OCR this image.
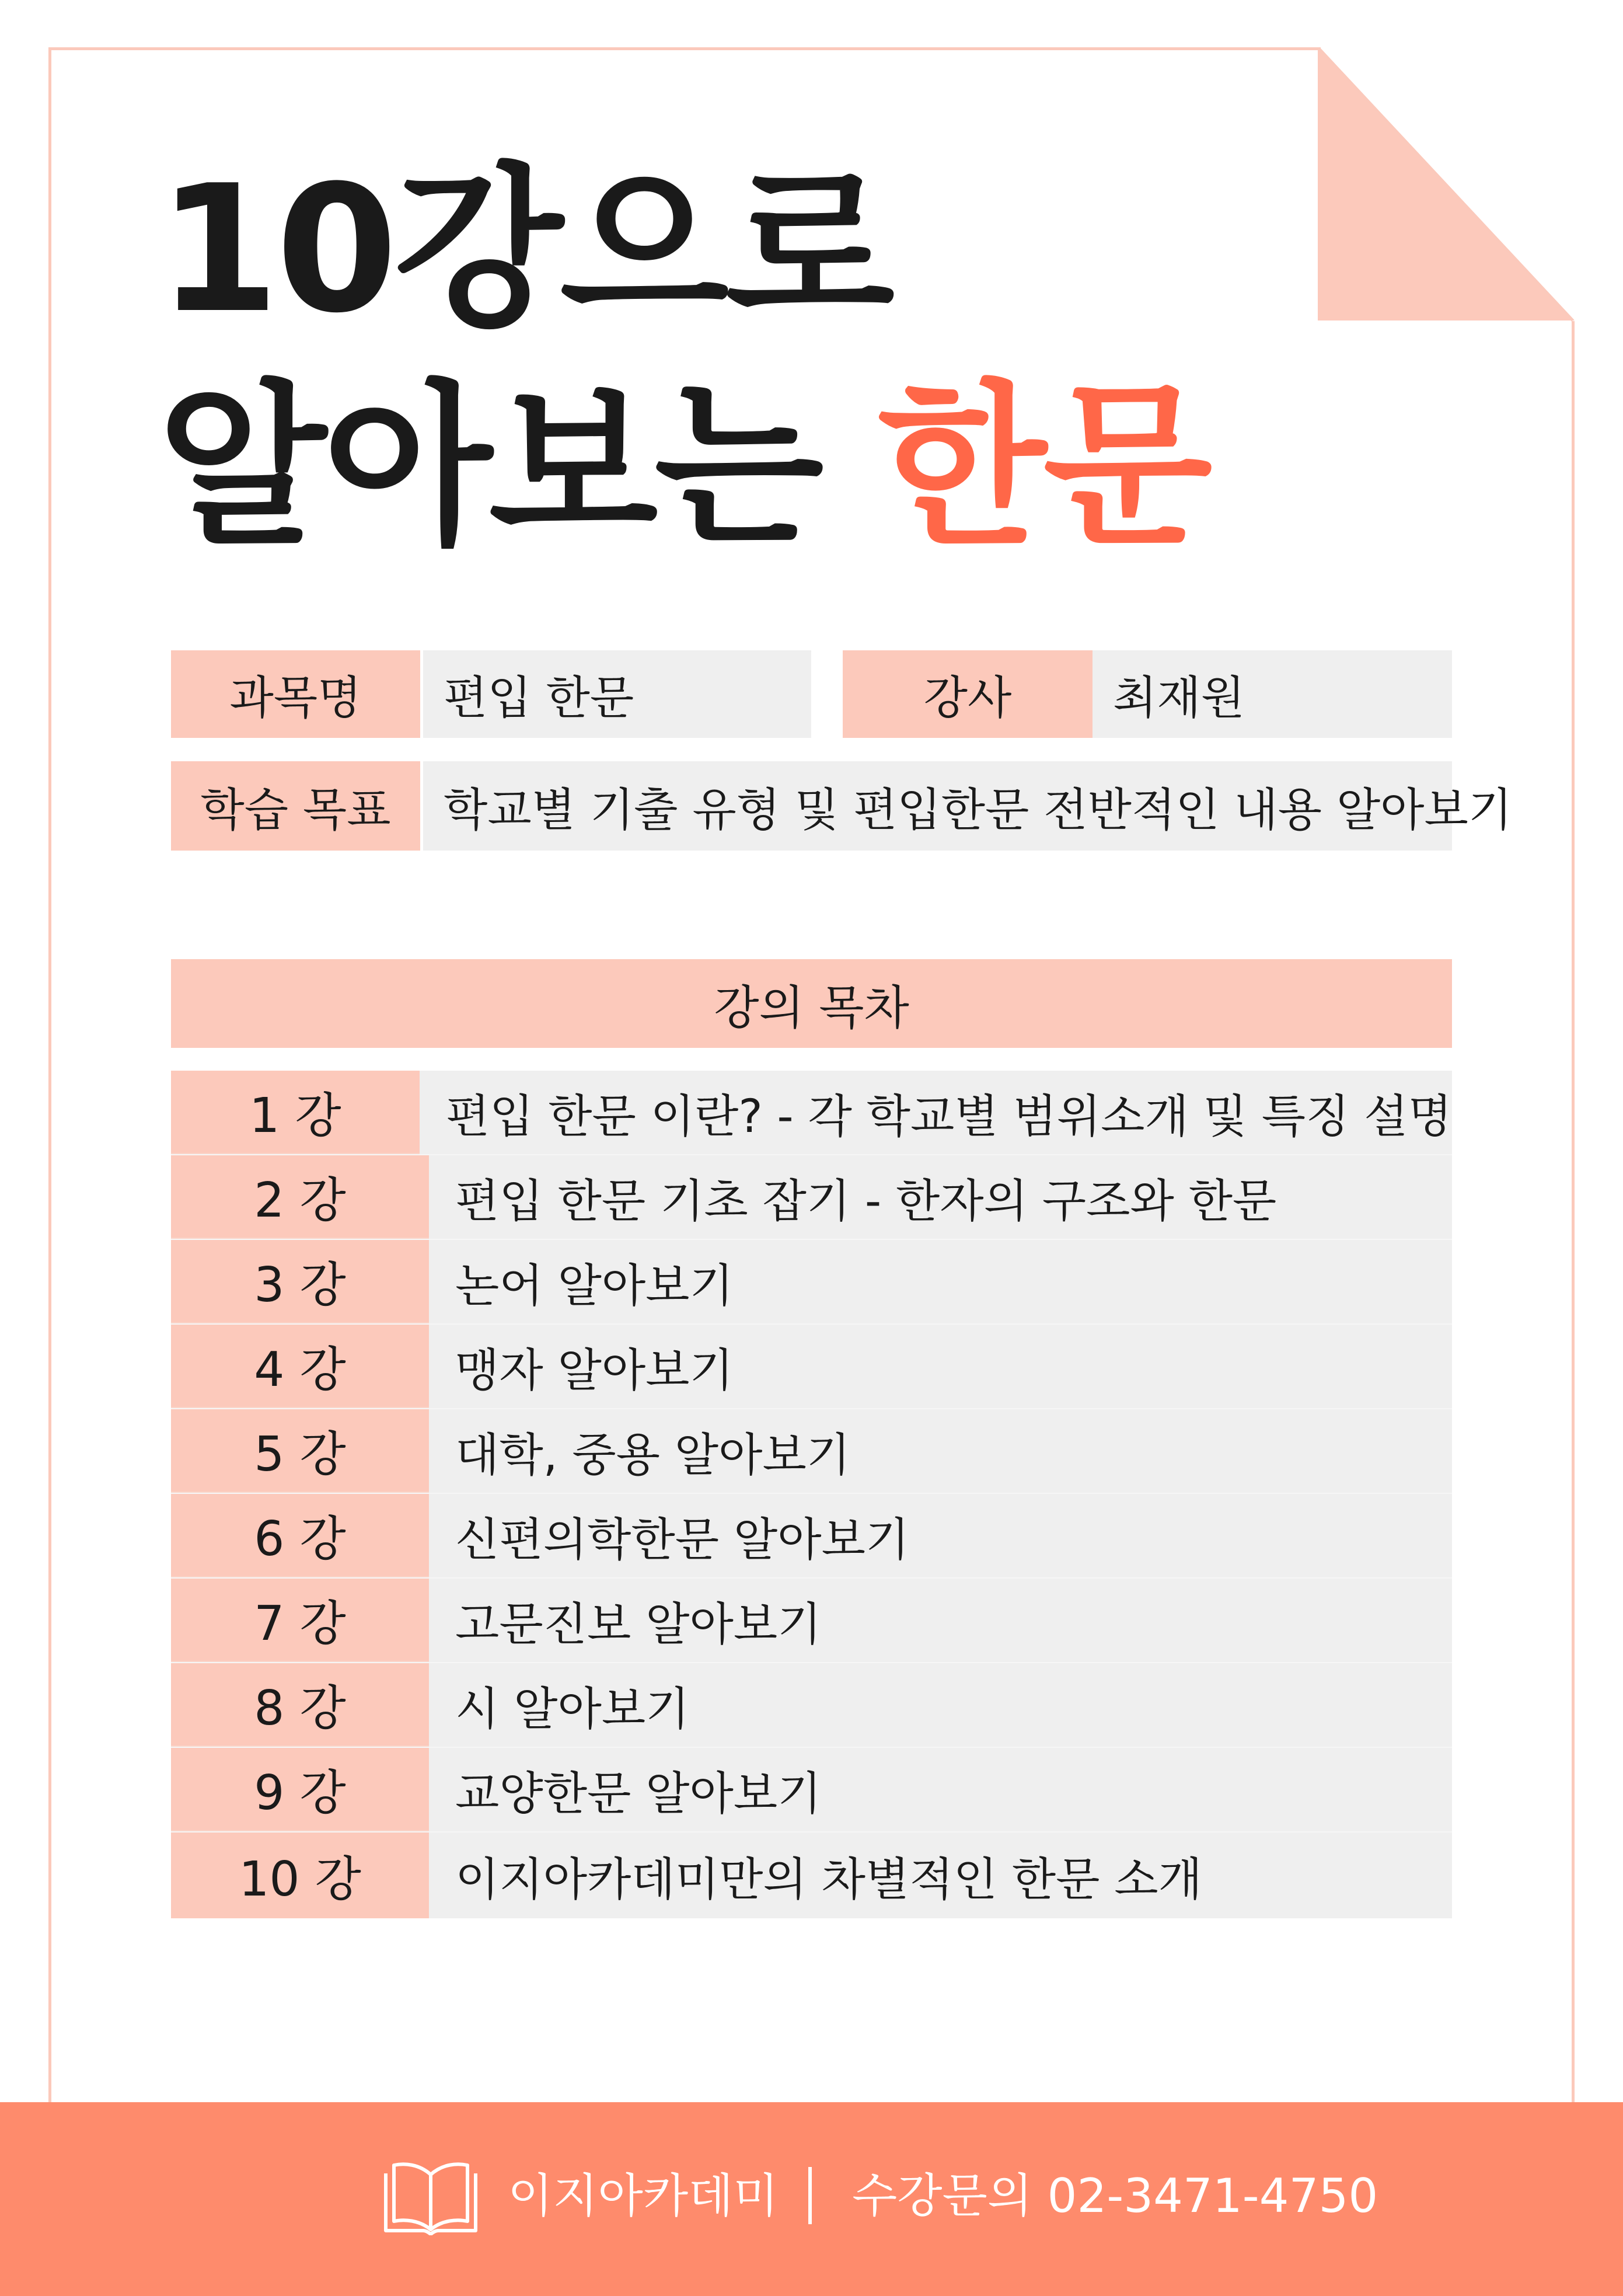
10강으로
알아보는 한문
과목명	편입 한문	강사	최재원
학습 목표	학교별 기출 유형 및 편입한문 전반적인 내용 알아보기
강의 목차
1 강	편입 한문 이란? - 각 학교별 범위소개 및 특징 설명
2 강	편입 한문 기초 잡기 - 한자의 구조와 한문
3 강	논어 알아보기
4 강	맹자 알아보기
5 강	대학, 중용 알아보기
6 강	신편의학한문 알아보기
7 강	고문진보 알아보기
8 강	시 알아보기
9 강	교양한문 알아보기
10 강	이지아카데미만의 차별적인 한문 소개
이지아카데미 수강문의 02-3471-4750
